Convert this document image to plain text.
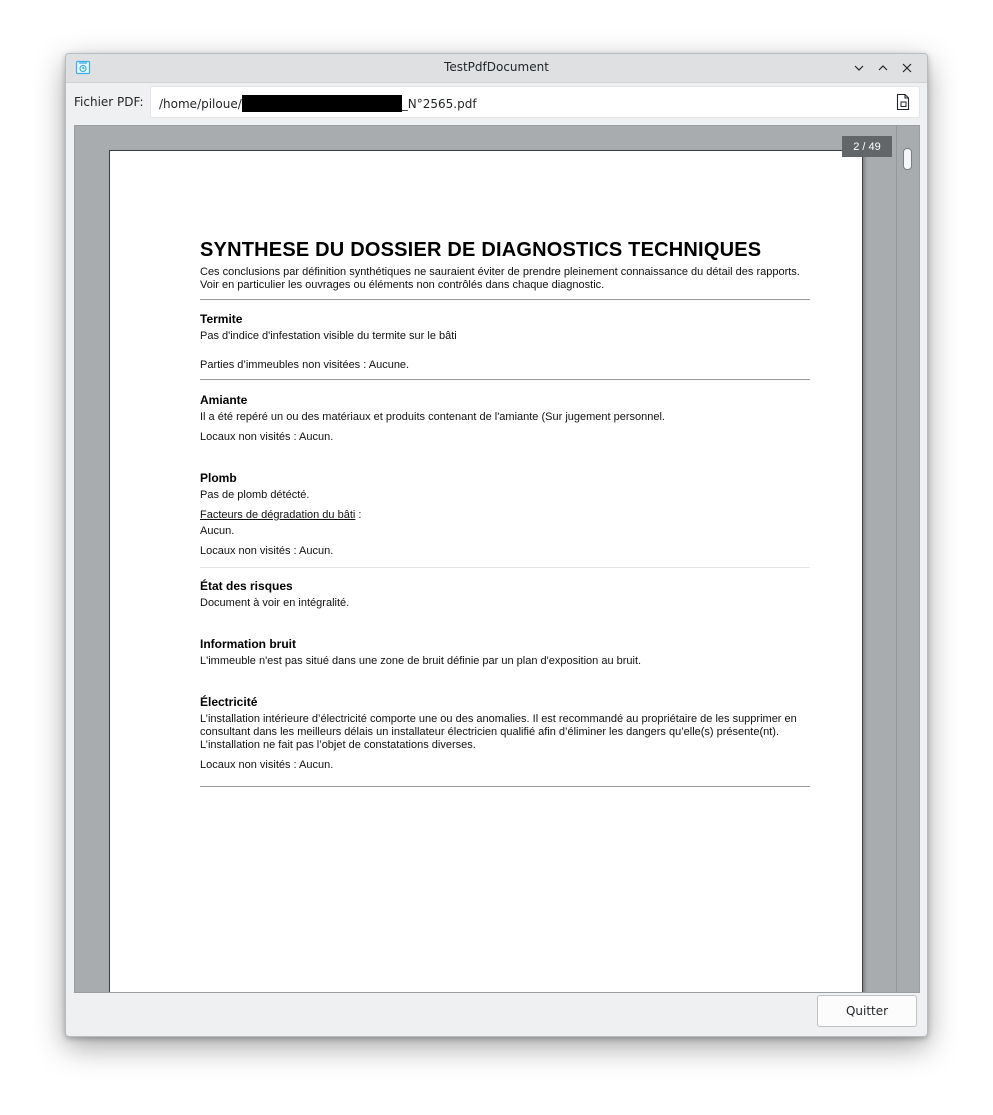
TestPdfDocument
Fichier PDF: /home/piloue/	_N°2565.pdf
SYNTHESE DU DOSSIER DE DIAGNOSTICS TECHNIQUES

Ces conclusions par définition synthétiques ne sauraient éviter de prendre pleinement connaissance du détail des rapports. Voir en particulier les ouvrages ou éléments non contrôlés dans chaque diagnostic.

Termite

Pas d'indice d'infestation visible du termite sur le bâti

Parties d’immeubles non visitées : Aucune.

Amiante

Il a été repéré un ou des matériaux et produits contenant de l'amiante (Sur jugement personnel.

Locaux non visités : Aucun.

Plomb

Pas de plomb détécté.

Facteurs de dégradation du bâti :

Aucun.

Locaux non visités : Aucun.

État des risques

Document à voir en intégralité.

Information bruit

L'immeuble n'est pas situé dans une zone de bruit définie par un plan d'exposition au bruit.

Électricité

L’installation intérieure d’électricité comporte une ou des anomalies. Il est recommandé au propriétaire de les supprimer en consultant dans les meilleurs délais un installateur électricien qualifié afin d’éliminer les dangers qu’elle(s) présente(nt). L’installation ne fait pas l’objet de constatations diverses.

Locaux non visités : Aucun.

2 / 49
Quitter
